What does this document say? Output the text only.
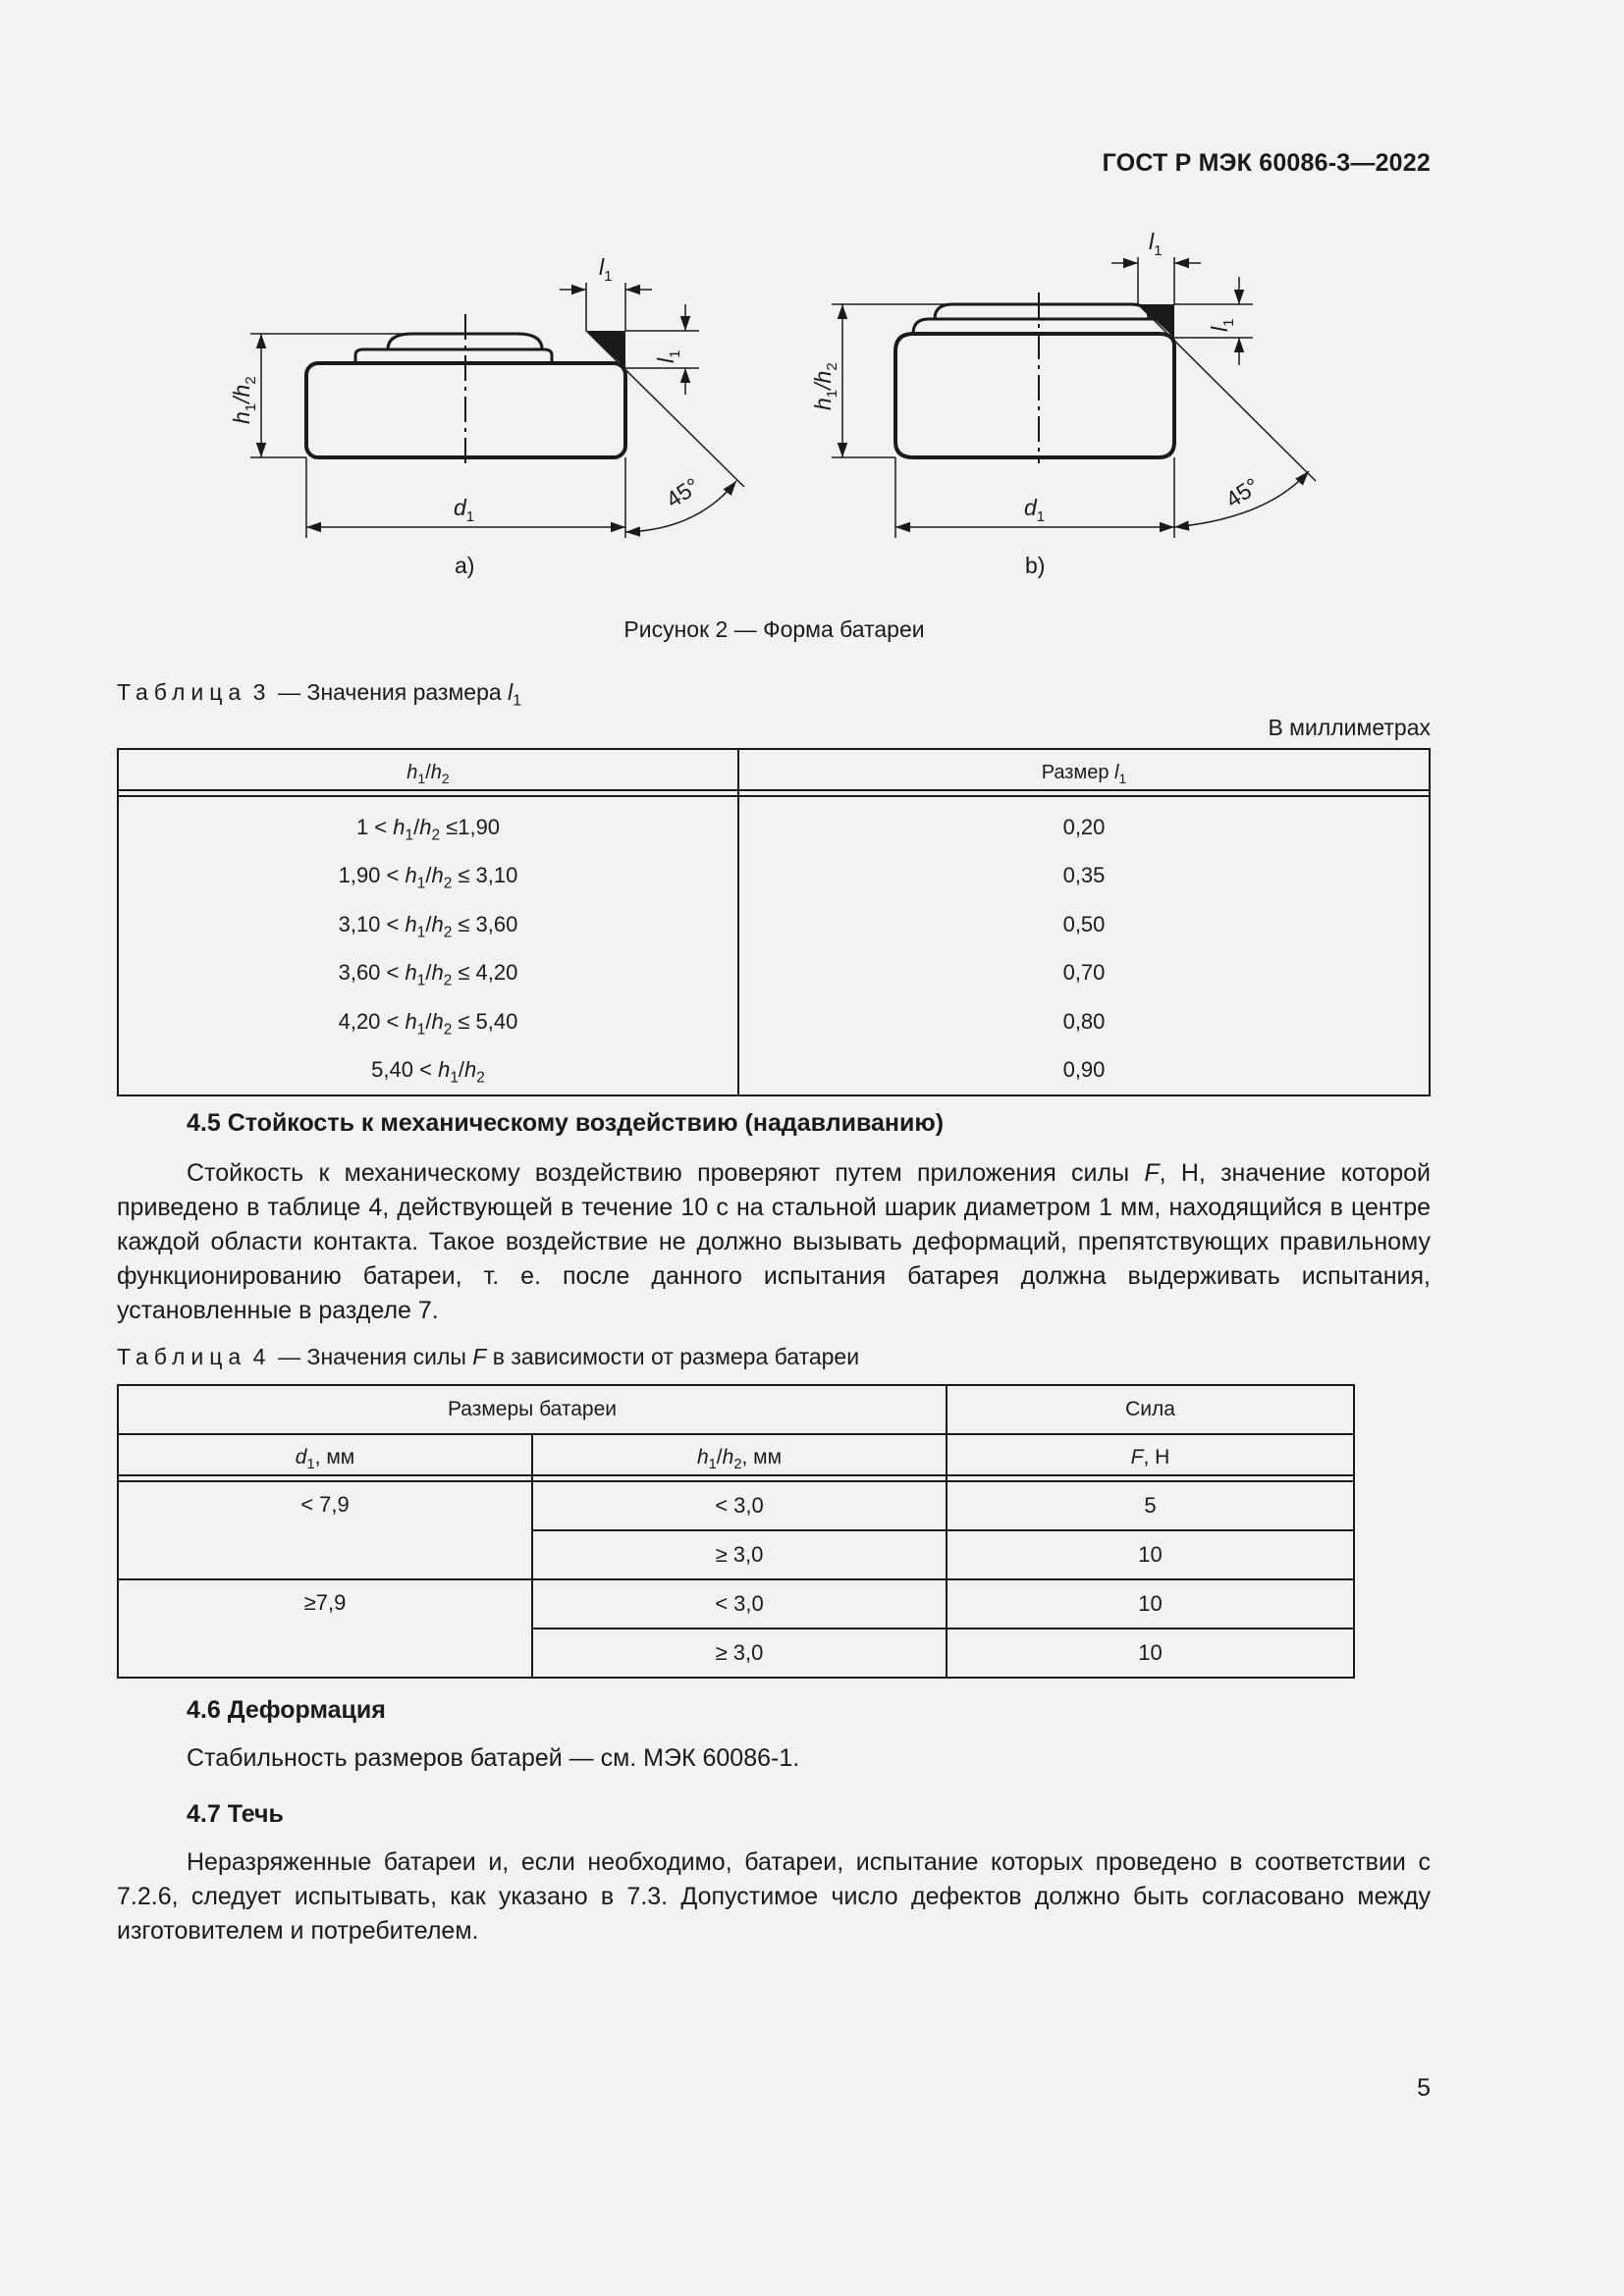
ГОСТ Р МЭК 60086-3—2022
$l_1$
$l_1$
$h_1/h_2$
$d_1$
45°
a)
$l_1$
$l_1$
$h_1/h_2$
$d_1$
45°
b)
Рисунок 2 — Форма батареи
Таблица 3 — Значения размера $l_1$
В миллиметрах
$h_1/h_2$	Размер $l_1$
$1 < h_1/h_2 \le 1,90$	0,20
$1,90 < h_1/h_2 \le 3,10$	0,35
$3,10 < h_1/h_2 \le 3,60$	0,50
$3,60 < h_1/h_2 \le 4,20$	0,70
$4,20 < h_1/h_2 \le 5,40$	0,80
$5,40 < h_1/h_2$	0,90
4.5 Стойкость к механическому воздействию (надавливанию)
Стойкость к механическому воздействию проверяют путем приложения силы F, Н, значение которой приведено в таблице 4, действующей в течение 10 с на стальной шарик диаметром 1 мм, находящийся в центре каждой области контакта. Такое воздействие не должно вызывать деформаций, препятствующих правильному функционированию батареи, т. е. после данного испытания батарея должна выдерживать испытания, установленные в разделе 7.
Таблица 4 — Значения силы F в зависимости от размера батареи
Размеры батареи		Сила
$d_1$, мм	$h_1/h_2$, мм	F, Н
< 7,9	< 3,0	5
	≥ 3,0	10
≥7,9	< 3,0	10
	≥ 3,0	10
4.6 Деформация
Стабильность размеров батарей — см. МЭК 60086-1.
4.7 Течь
Неразряженные батареи и, если необходимо, батареи, испытание которых проведено в соответствии с 7.2.6, следует испытывать, как указано в 7.3. Допустимое число дефектов должно быть согласовано между изготовителем и потребителем.
5
